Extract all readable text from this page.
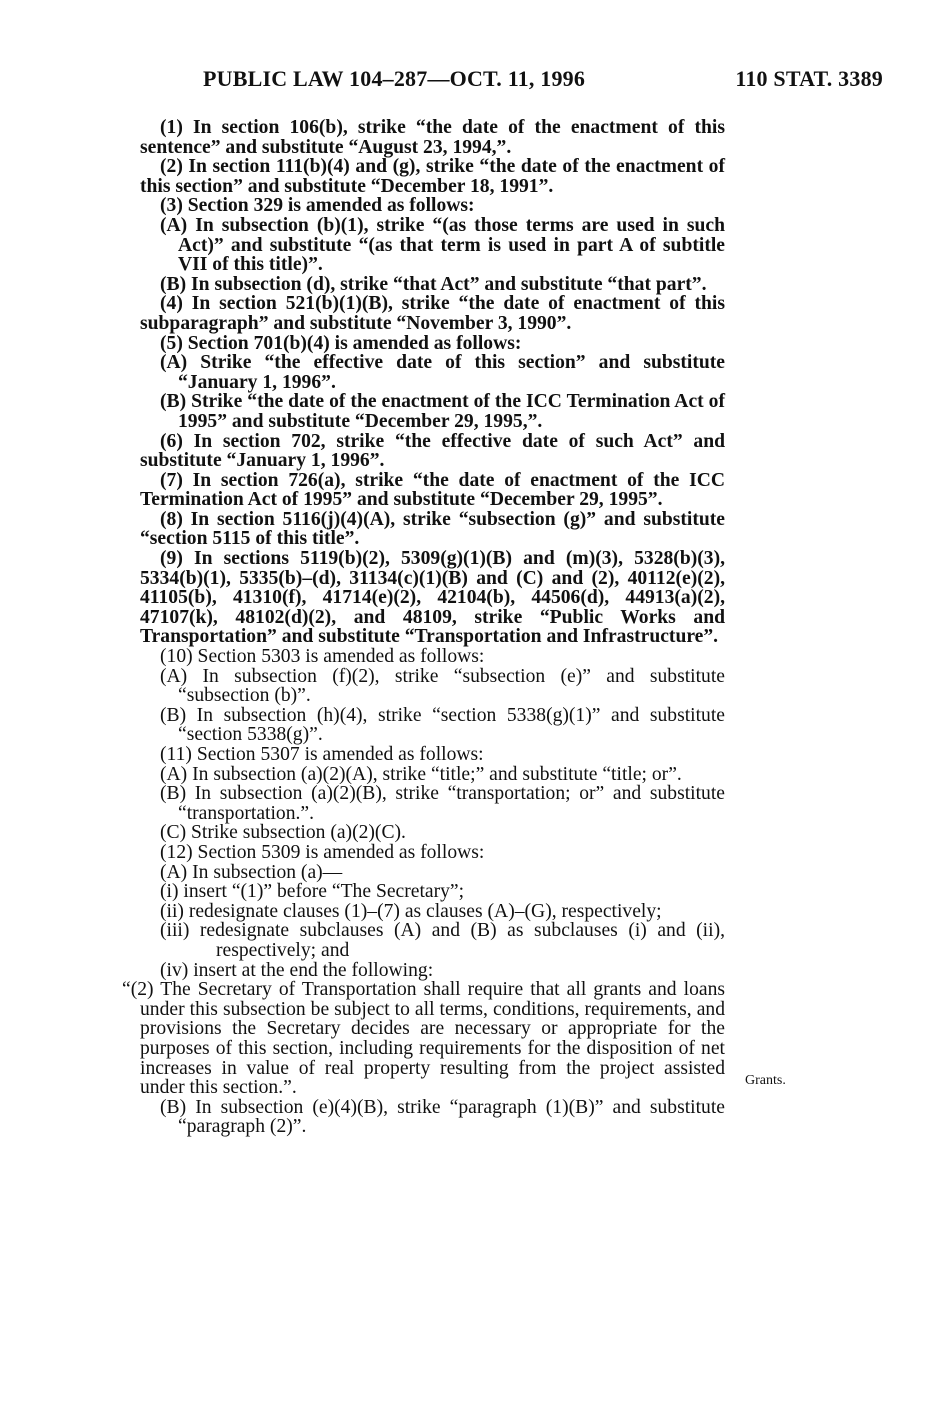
PUBLIC LAW 104–287—OCT. 11, 1996	110 STAT. 3389

(1) In section 106(b), strike “the date of the enactment of this sentence” and substitute “August 23, 1994,”.

(2) In section 111(b)(4) and (g), strike “the date of the enactment of this section” and substitute “December 18, 1991”.

(3) Section 329 is amended as follows:

(A) In subsection (b)(1), strike “(as those terms are used in such Act)” and substitute “(as that term is used in part A of subtitle VII of this title)”.

(B) In subsection (d), strike “that Act” and substitute “that part”.

(4) In section 521(b)(1)(B), strike “the date of enactment of this subparagraph” and substitute “November 3, 1990”.

(5) Section 701(b)(4) is amended as follows:

(A) Strike “the effective date of this section” and substitute “January 1, 1996”.

(B) Strike “the date of the enactment of the ICC Termination Act of 1995” and substitute “December 29, 1995,”.

(6) In section 702, strike “the effective date of such Act” and substitute “January 1, 1996”.

(7) In section 726(a), strike “the date of enactment of the ICC Termination Act of 1995” and substitute “December 29, 1995”.

(8) In section 5116(j)(4)(A), strike “subsection (g)” and substitute “section 5115 of this title”.

(9) In sections 5119(b)(2), 5309(g)(1)(B) and (m)(3), 5328(b)(3), 5334(b)(1), 5335(b)–(d), 31134(c)(1)(B) and (C) and (2), 40112(e)(2), 41105(b), 41310(f), 41714(e)(2), 42104(b), 44506(d), 44913(a)(2), 47107(k), 48102(d)(2), and 48109, strike “Public Works and Transportation” and substitute “Transportation and Infrastructure”.

(10) Section 5303 is amended as follows:

(A) In subsection (f)(2), strike “subsection (e)” and substitute “subsection (b)”.

(B) In subsection (h)(4), strike “section 5338(g)(1)” and substitute “section 5338(g)”.

(11) Section 5307 is amended as follows:

(A) In subsection (a)(2)(A), strike “title;” and substitute “title; or”.

(B) In subsection (a)(2)(B), strike “transportation; or” and substitute “transportation.”.

(C) Strike subsection (a)(2)(C).

(12) Section 5309 is amended as follows:

(A) In subsection (a)—

(i) insert “(1)” before “The Secretary”;

(ii) redesignate clauses (1)–(7) as clauses (A)–(G), respectively;

(iii) redesignate subclauses (A) and (B) as subclauses (i) and (ii), respectively; and

(iv) insert at the end the following:

“(2) The Secretary of Transportation shall require that all grants and loans under this subsection be subject to all terms, conditions, requirements, and provisions the Secretary decides are necessary or appropriate for the purposes of this section, including requirements for the disposition of net increases in value of real property resulting from the project assisted under this section.”.

(B) In subsection (e)(4)(B), strike “paragraph (1)(B)” and substitute “paragraph (2)”.

Grants.
